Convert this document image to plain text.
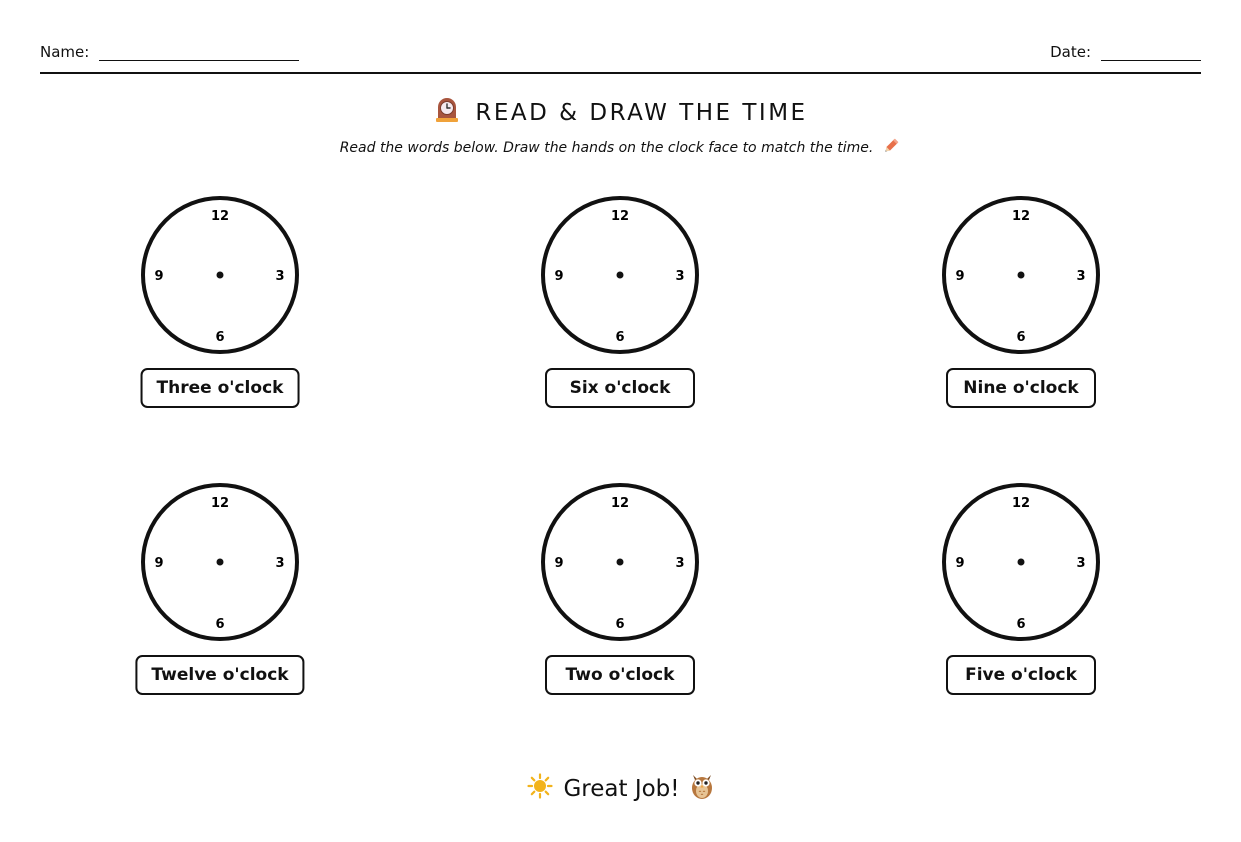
Name:	Date:
READ & DRAW THE TIME
Read the words below. Draw the hands on the clock face to match the time.
12
3
6
9
Three o'clock
12
3
6
9
Six o'clock
12
3
6
9
Nine o'clock
12
3
6
9
Twelve o'clock
12
3
6
9
Two o'clock
12
3
6
9
Five o'clock
Great Job!
